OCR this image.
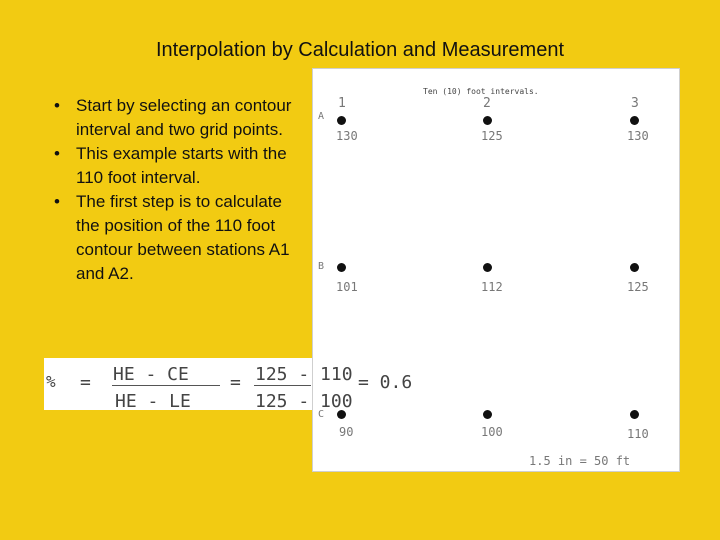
Interpolation by Calculation and Measurement
• Start by selecting an contour interval and two grid points.
• This example starts with the 110 foot interval.
• The first step is to calculate the position of the 110 foot contour between stations A1 and A2.
Ten (10) foot intervals.
1	2	3
A
B
C
130	125	130
101	112	125
90	100	110
1.5 in = 50 ft
% = HE - CE
HE - LE
= 125 - 110
125 - 100
= 0.6
